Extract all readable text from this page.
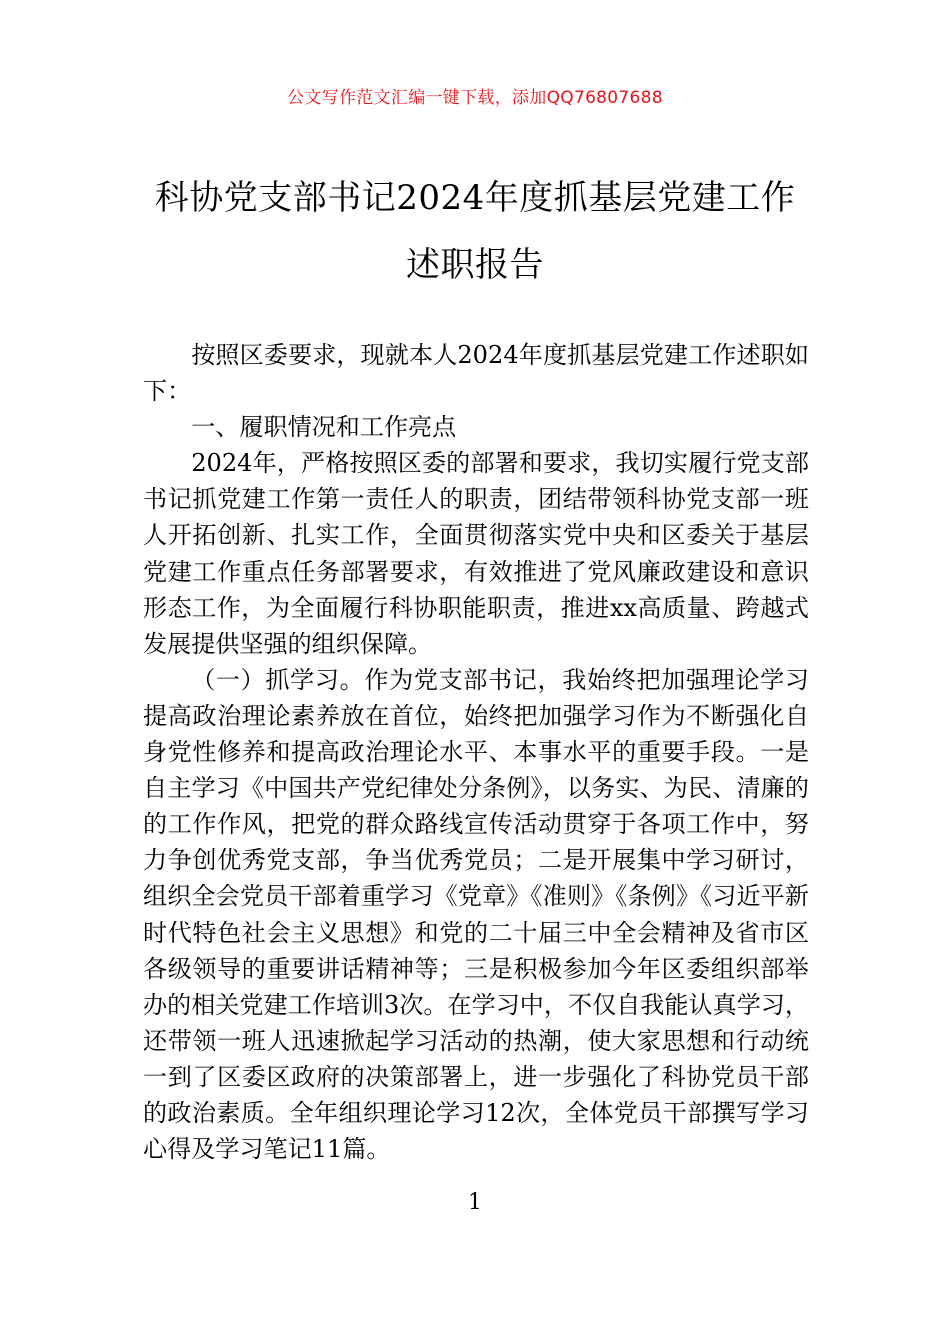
公文写作范文汇编一键下载，添加QQ76807688
科协党支部书记2024年度抓基层党建工作
述职报告

按照区委要求，现就本人2024年度抓基层党建工作述职如下：

一、履职情况和工作亮点

2024年，严格按照区委的部署和要求，我切实履行党支部书记抓党建工作第一责任人的职责，团结带领科协党支部一班人开拓创新、扎实工作，全面贯彻落实党中央和区委关于基层党建工作重点任务部署要求，有效推进了党风廉政建设和意识形态工作，为全面履行科协职能职责，推进xx高质量、跨越式发展提供坚强的组织保障。

（一）抓学习。作为党支部书记，我始终把加强理论学习提高政治理论素养放在首位，始终把加强学习作为不断强化自身党性修养和提高政治理论水平、本事水平的重要手段。一是自主学习《中国共产党纪律处分条例》，以务实、为民、清廉的的工作作风，把党的群众路线宣传活动贯穿于各项工作中，努力争创优秀党支部，争当优秀党员；二是开展集中学习研讨，组织全会党员干部着重学习《党章》《准则》《条例》《习近平新时代特色社会主义思想》和党的二十届三中全会精神及省市区各级领导的重要讲话精神等；三是积极参加今年区委组织部举办的相关党建工作培训3次。在学习中，不仅自我能认真学习，还带领一班人迅速掀起学习活动的热潮，使大家思想和行动统一到了区委区政府的决策部署上，进一步强化了科协党员干部的政治素质。全年组织理论学习12次，全体党员干部撰写学习心得及学习笔记11篇。

1
